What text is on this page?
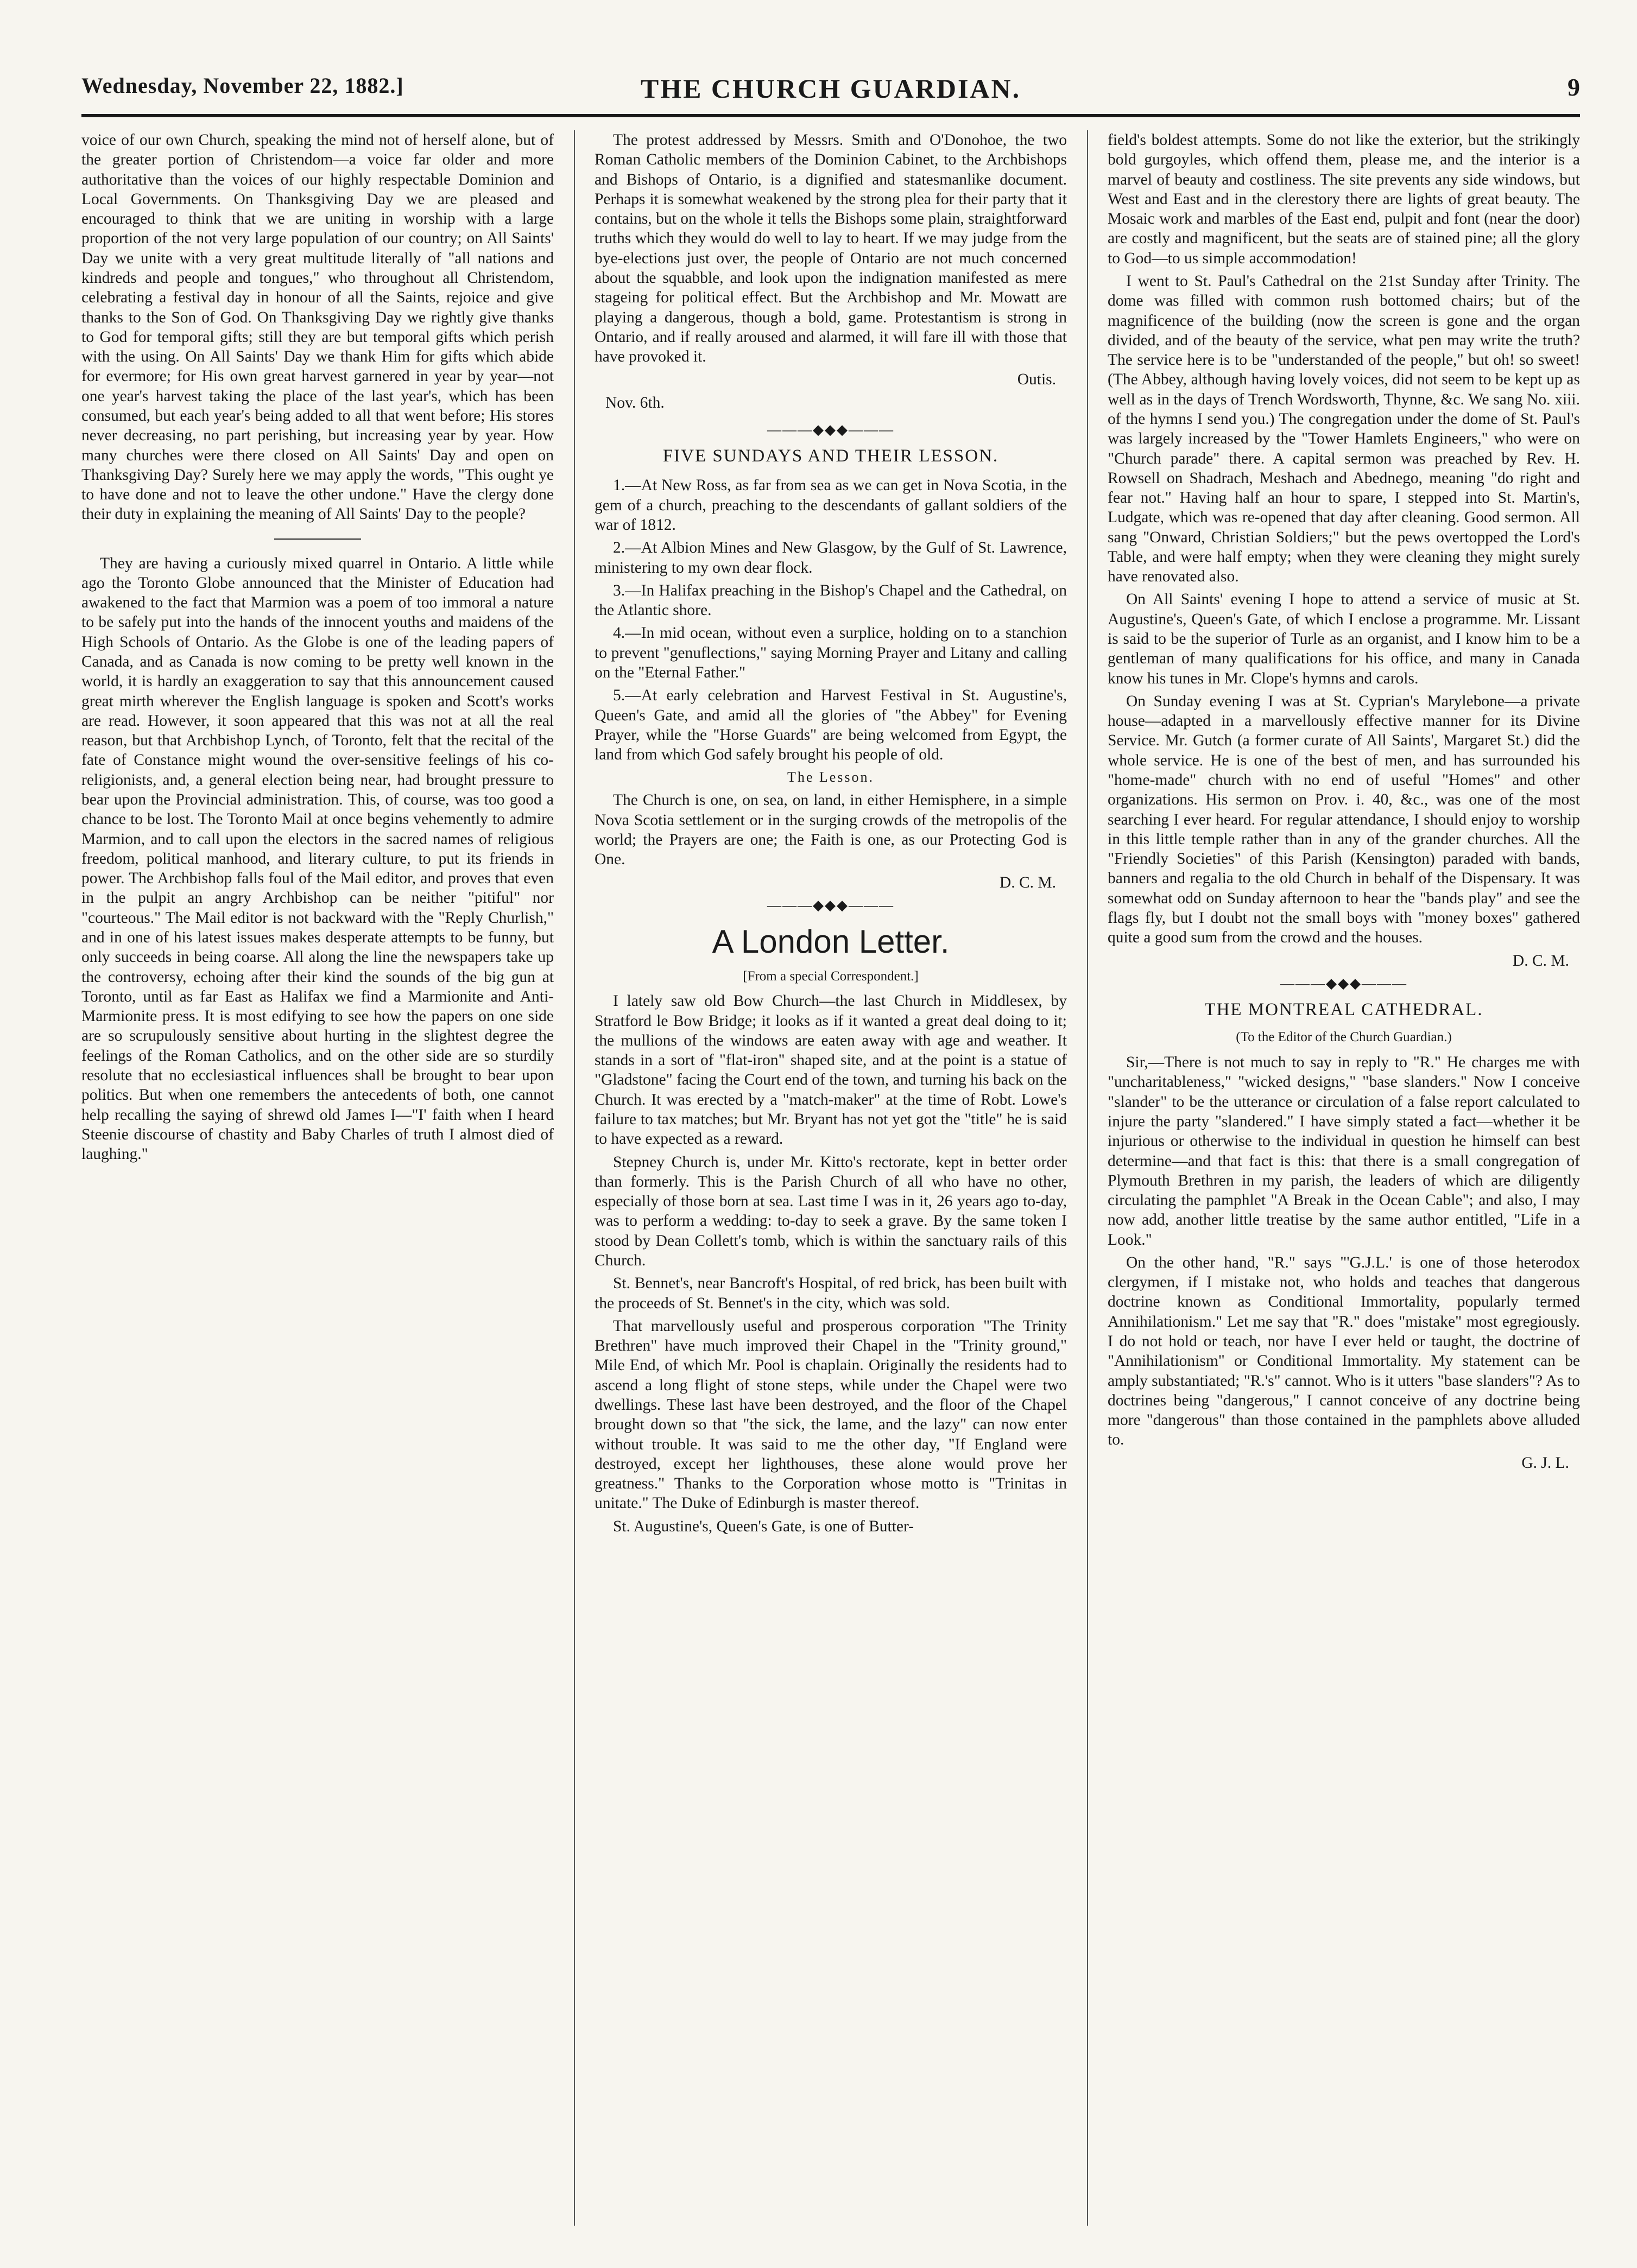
Wednesday, November 22, 1882.]	THE CHURCH GUARDIAN.	9

voice of our own Church, speaking the mind not of herself alone, but of the greater portion of Christendom—a voice far older and more authoritative than the voices of our highly respectable Dominion and Local Governments. On Thanksgiving Day we are pleased and encouraged to think that we are uniting in worship with a large proportion of the not very large population of our country; on All Saints' Day we unite with a very great multitude literally of "all nations and kindreds and people and tongues," who throughout all Christendom, celebrating a festival day in honour of all the Saints, rejoice and give thanks to the Son of God. On Thanksgiving Day we rightly give thanks to God for temporal gifts; still they are but temporal gifts which perish with the using. On All Saints' Day we thank Him for gifts which abide for evermore; for His own great harvest garnered in year by year—not one year's harvest taking the place of the last year's, which has been consumed, but each year's being added to all that went before; His stores never decreasing, no part perishing, but increasing year by year. How many churches were there closed on All Saints' Day and open on Thanksgiving Day? Surely here we may apply the words, "This ought ye to have done and not to leave the other undone." Have the clergy done their duty in explaining the meaning of All Saints' Day to the people?

They are having a curiously mixed quarrel in Ontario. A little while ago the Toronto Globe announced that the Minister of Education had awakened to the fact that Marmion was a poem of too immoral a nature to be safely put into the hands of the innocent youths and maidens of the High Schools of Ontario. As the Globe is one of the leading papers of Canada, and as Canada is now coming to be pretty well known in the world, it is hardly an exaggeration to say that this announcement caused great mirth wherever the English language is spoken and Scott's works are read. However, it soon appeared that this was not at all the real reason, but that Archbishop Lynch, of Toronto, felt that the recital of the fate of Constance might wound the over-sensitive feelings of his co-religionists, and, a general election being near, had brought pressure to bear upon the Provincial administration. This, of course, was too good a chance to be lost. The Toronto Mail at once begins vehemently to admire Marmion, and to call upon the electors in the sacred names of religious freedom, political manhood, and literary culture, to put its friends in power. The Archbishop falls foul of the Mail editor, and proves that even in the pulpit an angry Archbishop can be neither "pitiful" nor "courteous." The Mail editor is not backward with the "Reply Churlish," and in one of his latest issues makes desperate attempts to be funny, but only succeeds in being coarse. All along the line the newspapers take up the controversy, echoing after their kind the sounds of the big gun at Toronto, until as far East as Halifax we find a Marmionite and Anti-Marmionite press. It is most edifying to see how the papers on one side are so scrupulously sensitive about hurting in the slightest degree the feelings of the Roman Catholics, and on the other side are so sturdily resolute that no ecclesiastical influences shall be brought to bear upon politics. But when one remembers the antecedents of both, one cannot help recalling the saying of shrewd old James I—"I' faith when I heard Steenie discourse of chastity and Baby Charles of truth I almost died of laughing."

The protest addressed by Messrs. Smith and O'Donohoe, the two Roman Catholic members of the Dominion Cabinet, to the Archbishops and Bishops of Ontario, is a dignified and statesmanlike document. Perhaps it is somewhat weakened by the strong plea for their party that it contains, but on the whole it tells the Bishops some plain, straightforward truths which they would do well to lay to heart. If we may judge from the bye-elections just over, the people of Ontario are not much concerned about the squabble, and look upon the indignation manifested as mere stageing for political effect. But the Archbishop and Mr. Mowatt are playing a dangerous, though a bold, game. Protestantism is strong in Ontario, and if really aroused and alarmed, it will fare ill with those that have provoked it.

Outis.

Nov. 6th.

———◆◆◆———

FIVE SUNDAYS AND THEIR LESSON.

1.—At New Ross, as far from sea as we can get in Nova Scotia, in the gem of a church, preaching to the descendants of gallant soldiers of the war of 1812.

2.—At Albion Mines and New Glasgow, by the Gulf of St. Lawrence, ministering to my own dear flock.

3.—In Halifax preaching in the Bishop's Chapel and the Cathedral, on the Atlantic shore.

4.—In mid ocean, without even a surplice, holding on to a stanchion to prevent "genuflections," saying Morning Prayer and Litany and calling on the "Eternal Father."

5.—At early celebration and Harvest Festival in St. Augustine's, Queen's Gate, and amid all the glories of "the Abbey" for Evening Prayer, while the "Horse Guards" are being welcomed from Egypt, the land from which God safely brought his people of old.

The Lesson.

The Church is one, on sea, on land, in either Hemisphere, in a simple Nova Scotia settlement or in the surging crowds of the metropolis of the world; the Prayers are one; the Faith is one, as our Protecting God is One.

D. C. M.

———◆◆◆———

A London Letter.

[From a special Correspondent.]

I lately saw old Bow Church—the last Church in Middlesex, by Stratford le Bow Bridge; it looks as if it wanted a great deal doing to it; the mullions of the windows are eaten away with age and weather. It stands in a sort of "flat-iron" shaped site, and at the point is a statue of "Gladstone" facing the Court end of the town, and turning his back on the Church. It was erected by a "match-maker" at the time of Robt. Lowe's failure to tax matches; but Mr. Bryant has not yet got the "title" he is said to have expected as a reward.

Stepney Church is, under Mr. Kitto's rectorate, kept in better order than formerly. This is the Parish Church of all who have no other, especially of those born at sea. Last time I was in it, 26 years ago to-day, was to perform a wedding: to-day to seek a grave. By the same token I stood by Dean Collett's tomb, which is within the sanctuary rails of this Church.

St. Bennet's, near Bancroft's Hospital, of red brick, has been built with the proceeds of St. Bennet's in the city, which was sold.

That marvellously useful and prosperous corporation "The Trinity Brethren" have much improved their Chapel in the "Trinity ground," Mile End, of which Mr. Pool is chaplain. Originally the residents had to ascend a long flight of stone steps, while under the Chapel were two dwellings. These last have been destroyed, and the floor of the Chapel brought down so that "the sick, the lame, and the lazy" can now enter without trouble. It was said to me the other day, "If England were destroyed, except her lighthouses, these alone would prove her greatness." Thanks to the Corporation whose motto is "Trinitas in unitate." The Duke of Edinburgh is master thereof.

St. Augustine's, Queen's Gate, is one of Butter-

field's boldest attempts. Some do not like the exterior, but the strikingly bold gurgoyles, which offend them, please me, and the interior is a marvel of beauty and costliness. The site prevents any side windows, but West and East and in the clerestory there are lights of great beauty. The Mosaic work and marbles of the East end, pulpit and font (near the door) are costly and magnificent, but the seats are of stained pine; all the glory to God—to us simple accommodation!

I went to St. Paul's Cathedral on the 21st Sunday after Trinity. The dome was filled with common rush bottomed chairs; but of the magnificence of the building (now the screen is gone and the organ divided, and of the beauty of the service, what pen may write the truth? The service here is to be "understanded of the people," but oh! so sweet! (The Abbey, although having lovely voices, did not seem to be kept up as well as in the days of Trench Wordsworth, Thynne, &c. We sang No. xiii. of the hymns I send you.) The congregation under the dome of St. Paul's was largely increased by the "Tower Hamlets Engineers," who were on "Church parade" there. A capital sermon was preached by Rev. H. Rowsell on Shadrach, Meshach and Abednego, meaning "do right and fear not." Having half an hour to spare, I stepped into St. Martin's, Ludgate, which was re-opened that day after cleaning. Good sermon. All sang "Onward, Christian Soldiers;" but the pews overtopped the Lord's Table, and were half empty; when they were cleaning they might surely have renovated also.

On All Saints' evening I hope to attend a service of music at St. Augustine's, Queen's Gate, of which I enclose a programme. Mr. Lissant is said to be the superior of Turle as an organist, and I know him to be a gentleman of many qualifications for his office, and many in Canada know his tunes in Mr. Clope's hymns and carols.

On Sunday evening I was at St. Cyprian's Marylebone—a private house—adapted in a marvellously effective manner for its Divine Service. Mr. Gutch (a former curate of All Saints', Margaret St.) did the whole service. He is one of the best of men, and has surrounded his "home-made" church with no end of useful "Homes" and other organizations. His sermon on Prov. i. 40, &c., was one of the most searching I ever heard. For regular attendance, I should enjoy to worship in this little temple rather than in any of the grander churches. All the "Friendly Societies" of this Parish (Kensington) paraded with bands, banners and regalia to the old Church in behalf of the Dispensary. It was somewhat odd on Sunday afternoon to hear the "bands play" and see the flags fly, but I doubt not the small boys with "money boxes" gathered quite a good sum from the crowd and the houses.

D. C. M.

———◆◆◆———

THE MONTREAL CATHEDRAL.

(To the Editor of the Church Guardian.)

Sir,—There is not much to say in reply to "R." He charges me with "uncharitableness," "wicked designs," "base slanders." Now I conceive "slander" to be the utterance or circulation of a false report calculated to injure the party "slandered." I have simply stated a fact—whether it be injurious or otherwise to the individual in question he himself can best determine—and that fact is this: that there is a small congregation of Plymouth Brethren in my parish, the leaders of which are diligently circulating the pamphlet "A Break in the Ocean Cable"; and also, I may now add, another little treatise by the same author entitled, "Life in a Look."

On the other hand, "R." says "'G.J.L.' is one of those heterodox clergymen, if I mistake not, who holds and teaches that dangerous doctrine known as Conditional Immortality, popularly termed Annihilationism." Let me say that "R." does "mistake" most egregiously. I do not hold or teach, nor have I ever held or taught, the doctrine of "Annihilationism" or Conditional Immortality. My statement can be amply substantiated; "R.'s" cannot. Who is it utters "base slanders"? As to doctrines being "dangerous," I cannot conceive of any doctrine being more "dangerous" than those contained in the pamphlets above alluded to.

G. J. L.
